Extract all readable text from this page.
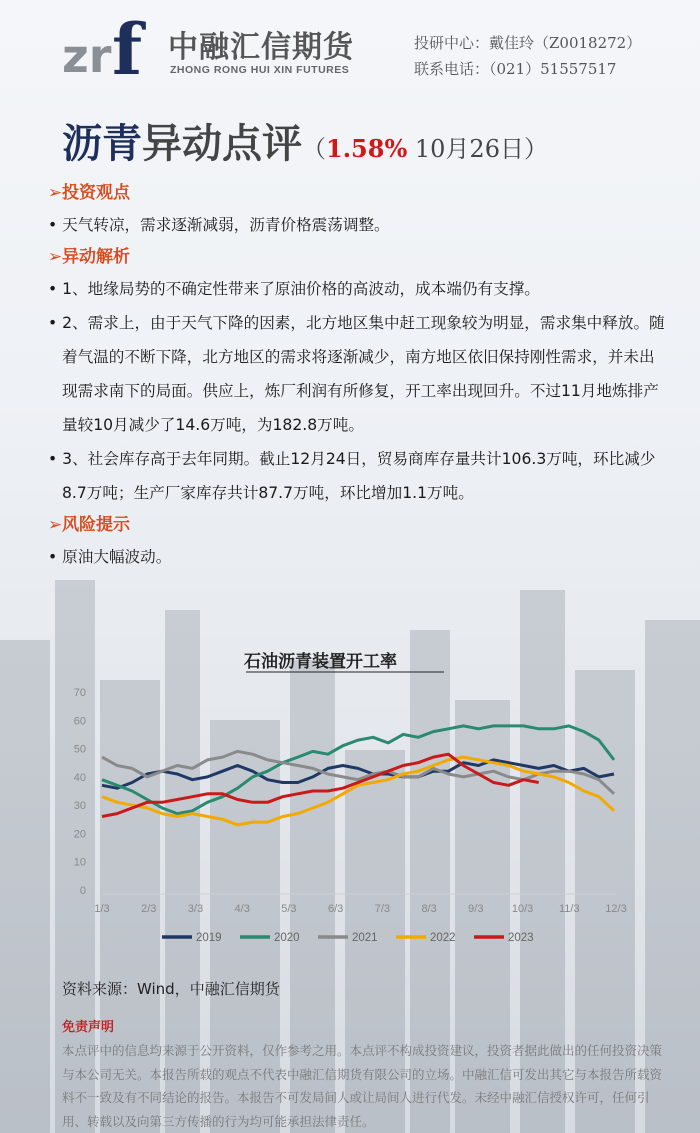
zr f 中融汇信期货
ZHONG RONG HUI XIN FUTURES
投研中心：戴佳玲（Z0018272）
联系电话：（021）51557517
沥青异动点评（1.58% 10月26日）
➢投资观点
• 天气转凉，需求逐渐减弱，沥青价格震荡调整。
➢异动解析
• 1、地缘局势的不确定性带来了原油价格的高波动，成本端仍有支撑。
• 2、需求上，由于天气下降的因素，北方地区集中赶工现象较为明显，需求集中释放。随着气温的不断下降，北方地区的需求将逐渐减少，南方地区依旧保持刚性需求，并未出现需求南下的局面。供应上，炼厂利润有所修复，开工率出现回升。不过11月地炼排产量较10月减少了14.6万吨，为182.8万吨。
• 3、社会库存高于去年同期。截止12月24日，贸易商库存量共计106.3万吨，环比减少8.7万吨；生产厂家库存共计87.7万吨，环比增加1.1万吨。
➢风险提示
• 原油大幅波动。
石油沥青装置开工率
0
10
20
30
40
50
60
70
1/3	2/3	3/3	4/3	5/3	6/3	7/3	8/3	9/3	10/3 11/3 12/3
2019	2020	2021	2022	2023
资料来源：Wind，中融汇信期货
免责声明
本点评中的信息均来源于公开资料，仅作参考之用。本点评不构成投资建议，投资者据此做出的任何投资决策与本公司无关。本报告所载的观点不代表中融汇信期货有限公司的立场。中融汇信可发出其它与本报告所载资料不一致及有不同结论的报告。本报告不可发局间人或让局间人进行代发。未经中融汇信授权许可，任何引用、转载以及向第三方传播的行为均可能承担法律责任。
